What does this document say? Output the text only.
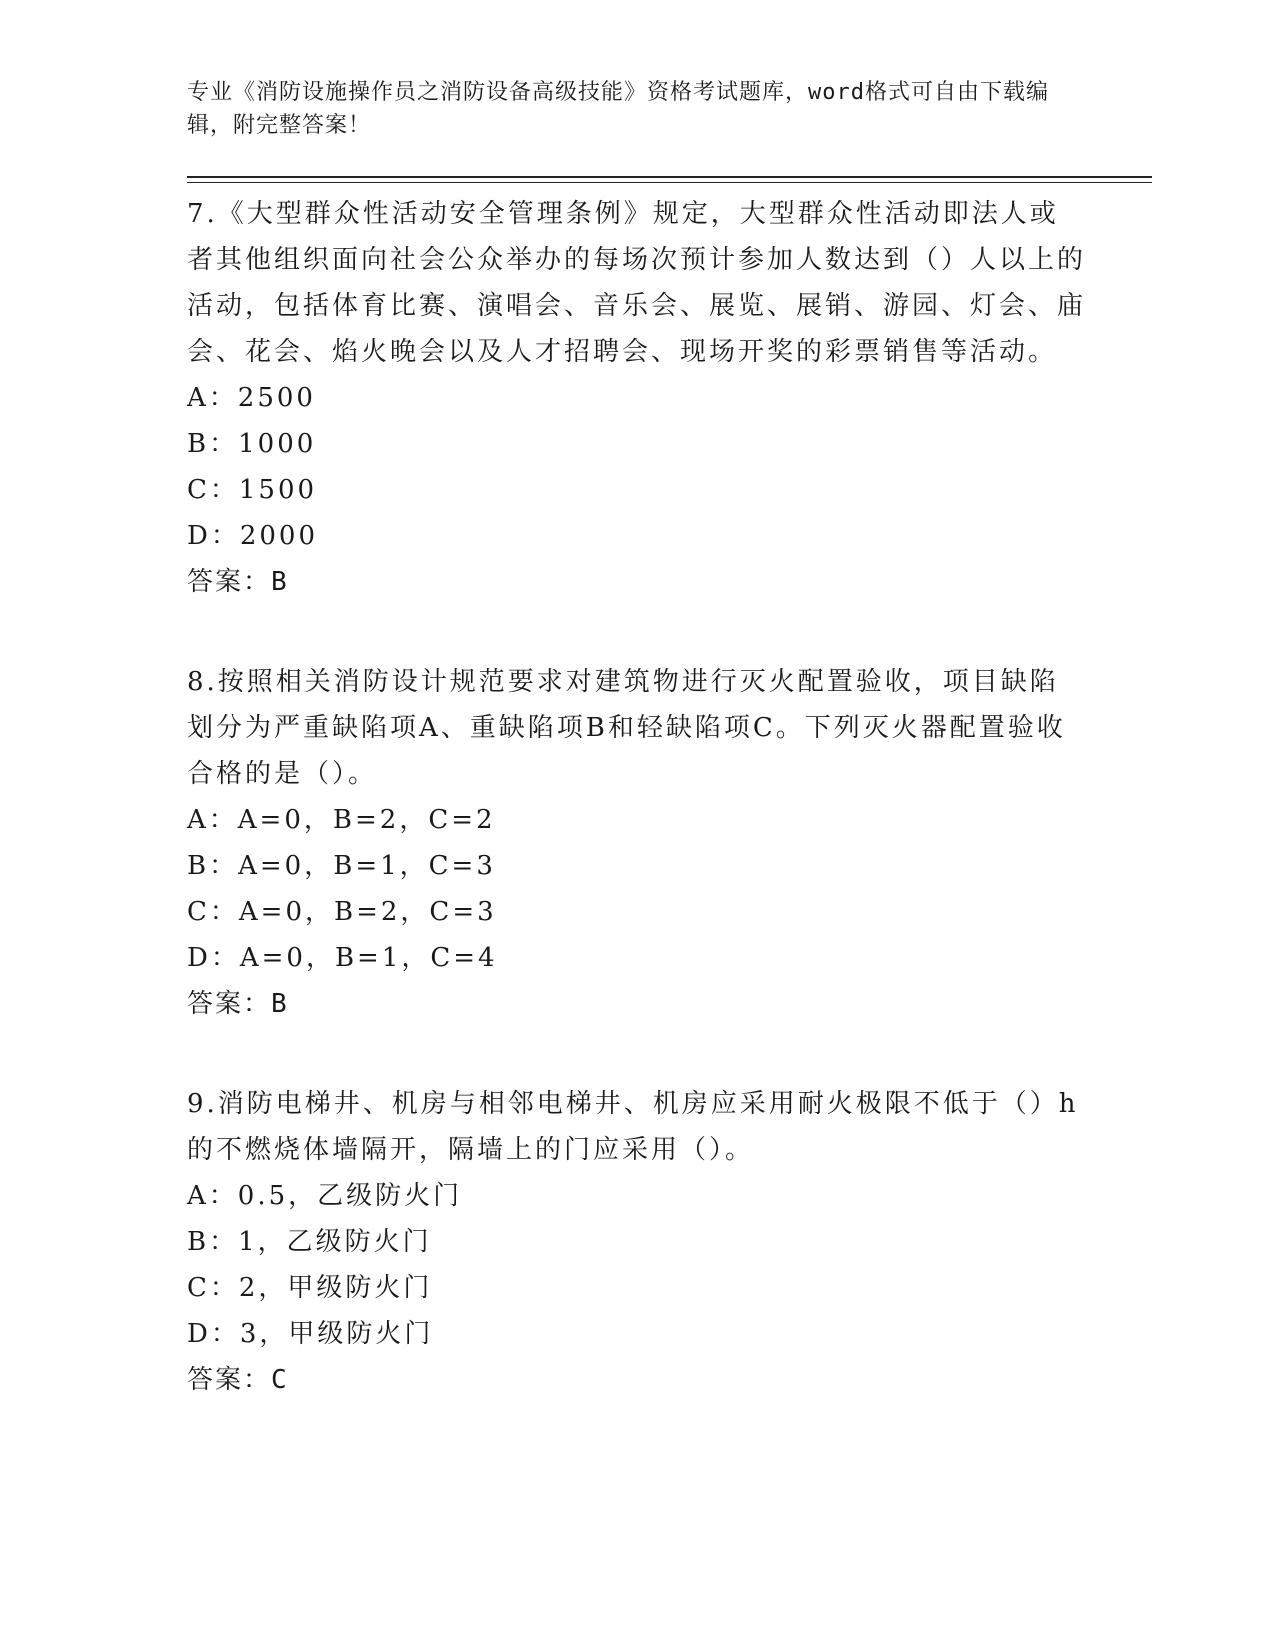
专业《消防设施操作员之消防设备高级技能》资格考试题库，word格式可自由下载编辑，附完整答案！
7.《大型群众性活动安全管理条例》规定，大型群众性活动即法人或者其他组织面向社会公众举办的每场次预计参加人数达到（）人以上的活动，包括体育比赛、演唱会、音乐会、展览、展销、游园、灯会、庙会、花会、焰火晚会以及人才招聘会、现场开奖的彩票销售等活动。
A：2500
B：1000
C：1500
D：2000
答案：B
8.按照相关消防设计规范要求对建筑物进行灭火配置验收，项目缺陷划分为严重缺陷项A、重缺陷项B和轻缺陷项C。下列灭火器配置验收合格的是（）。
A：A=0，B=2，C=2
B：A=0，B=1，C=3
C：A=0，B=2，C=3
D：A=0，B=1，C=4
答案：B
9.消防电梯井、机房与相邻电梯井、机房应采用耐火极限不低于（）h的不燃烧体墙隔开，隔墙上的门应采用（）。
A：0.5，乙级防火门
B：1，乙级防火门
C：2，甲级防火门
D：3，甲级防火门
答案：C
